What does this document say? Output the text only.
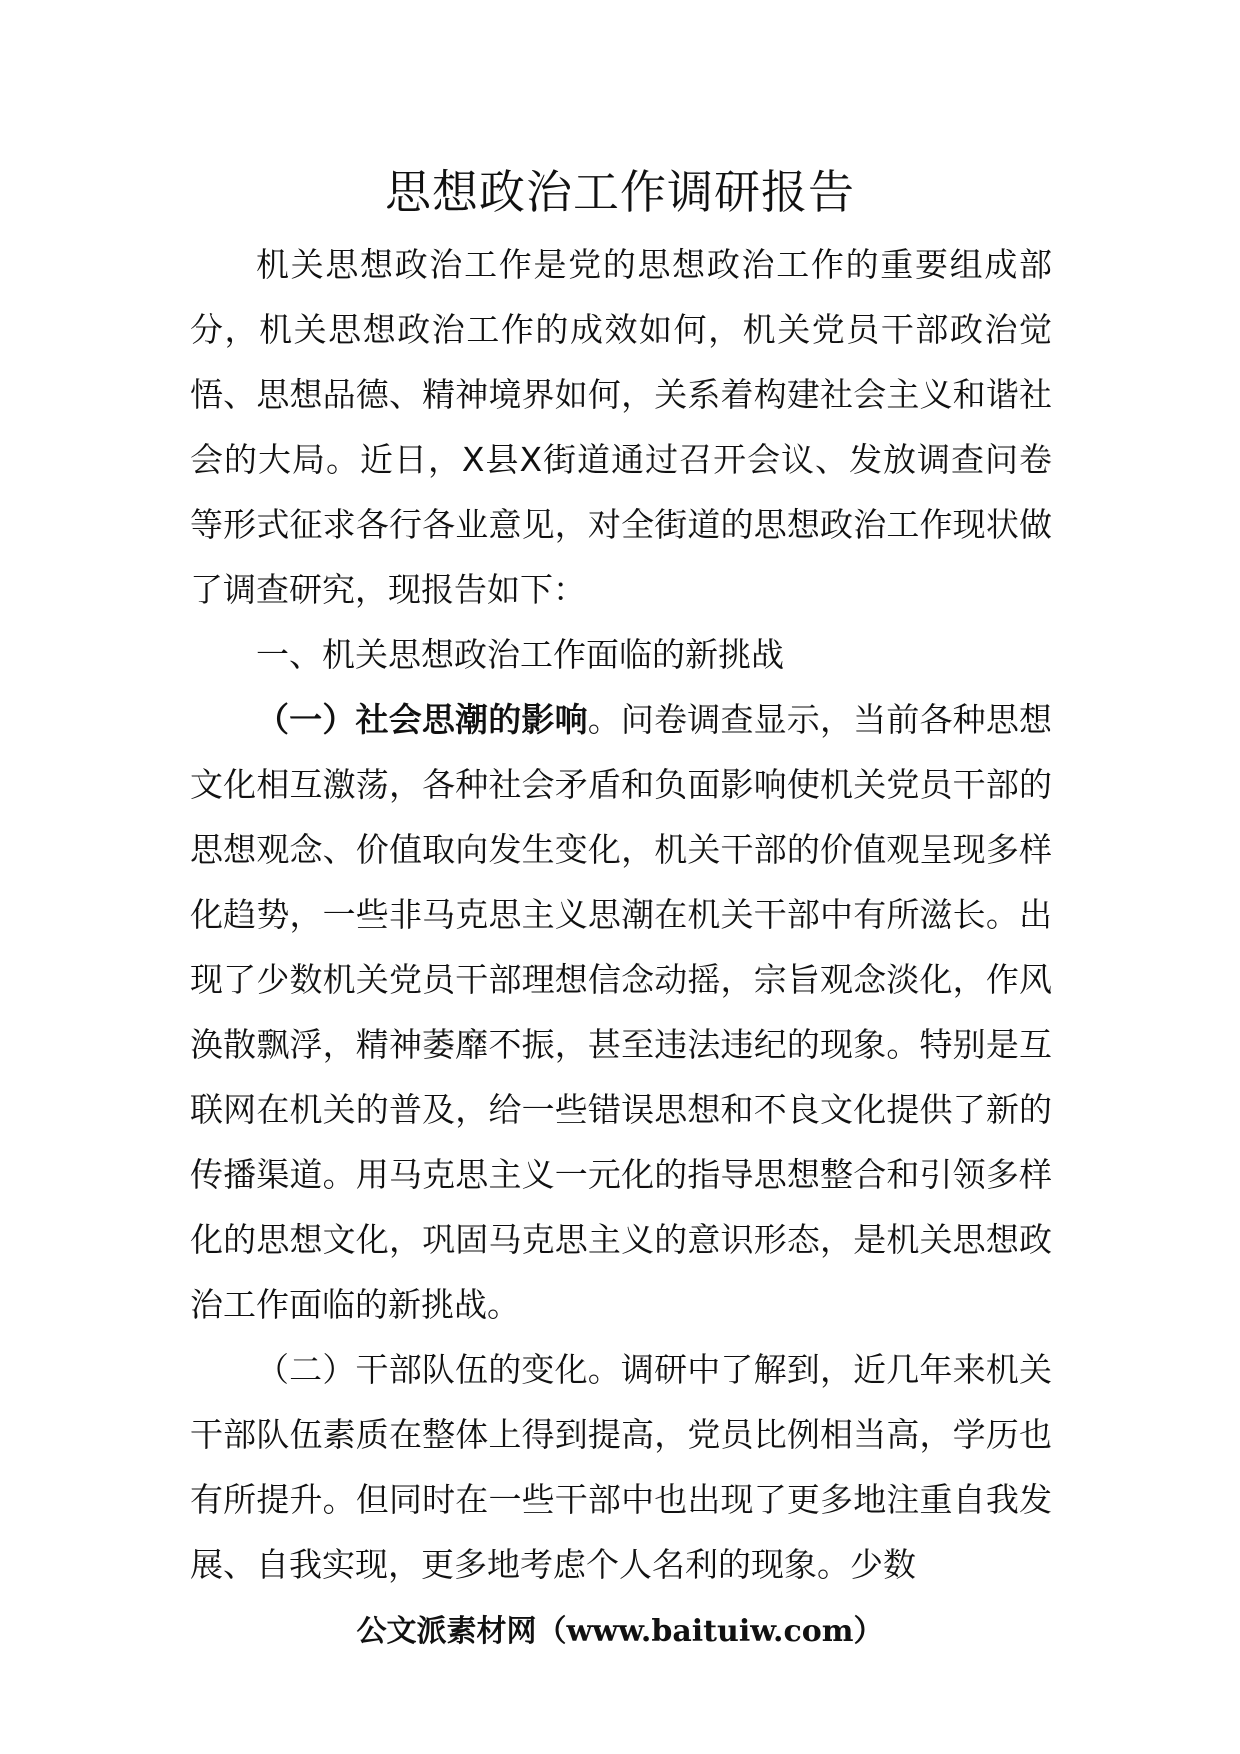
思想政治工作调研报告

机关思想政治工作是党的思想政治工作的重要组成部分，机关思想政治工作的成效如何，机关党员干部政治觉悟、思想品德、精神境界如何，关系着构建社会主义和谐社会的大局。近日，X县X街道通过召开会议、发放调查问卷等形式征求各行各业意见，对全街道的思想政治工作现状做了调查研究，现报告如下：

一、机关思想政治工作面临的新挑战

（一）社会思潮的影响。问卷调查显示，当前各种思想文化相互激荡，各种社会矛盾和负面影响使机关党员干部的思想观念、价值取向发生变化，机关干部的价值观呈现多样化趋势，一些非马克思主义思潮在机关干部中有所滋长。出现了少数机关党员干部理想信念动摇，宗旨观念淡化，作风涣散飘浮，精神萎靡不振，甚至违法违纪的现象。特别是互联网在机关的普及，给一些错误思想和不良文化提供了新的传播渠道。用马克思主义一元化的指导思想整合和引领多样化的思想文化，巩固马克思主义的意识形态，是机关思想政治工作面临的新挑战。

（二）干部队伍的变化。调研中了解到，近几年来机关干部队伍素质在整体上得到提高，党员比例相当高，学历也有所提升。但同时在一些干部中也出现了更多地注重自我发展、自我实现，更多地考虑个人名利的现象。少数

公文派素材网（www.baituiw.com）
